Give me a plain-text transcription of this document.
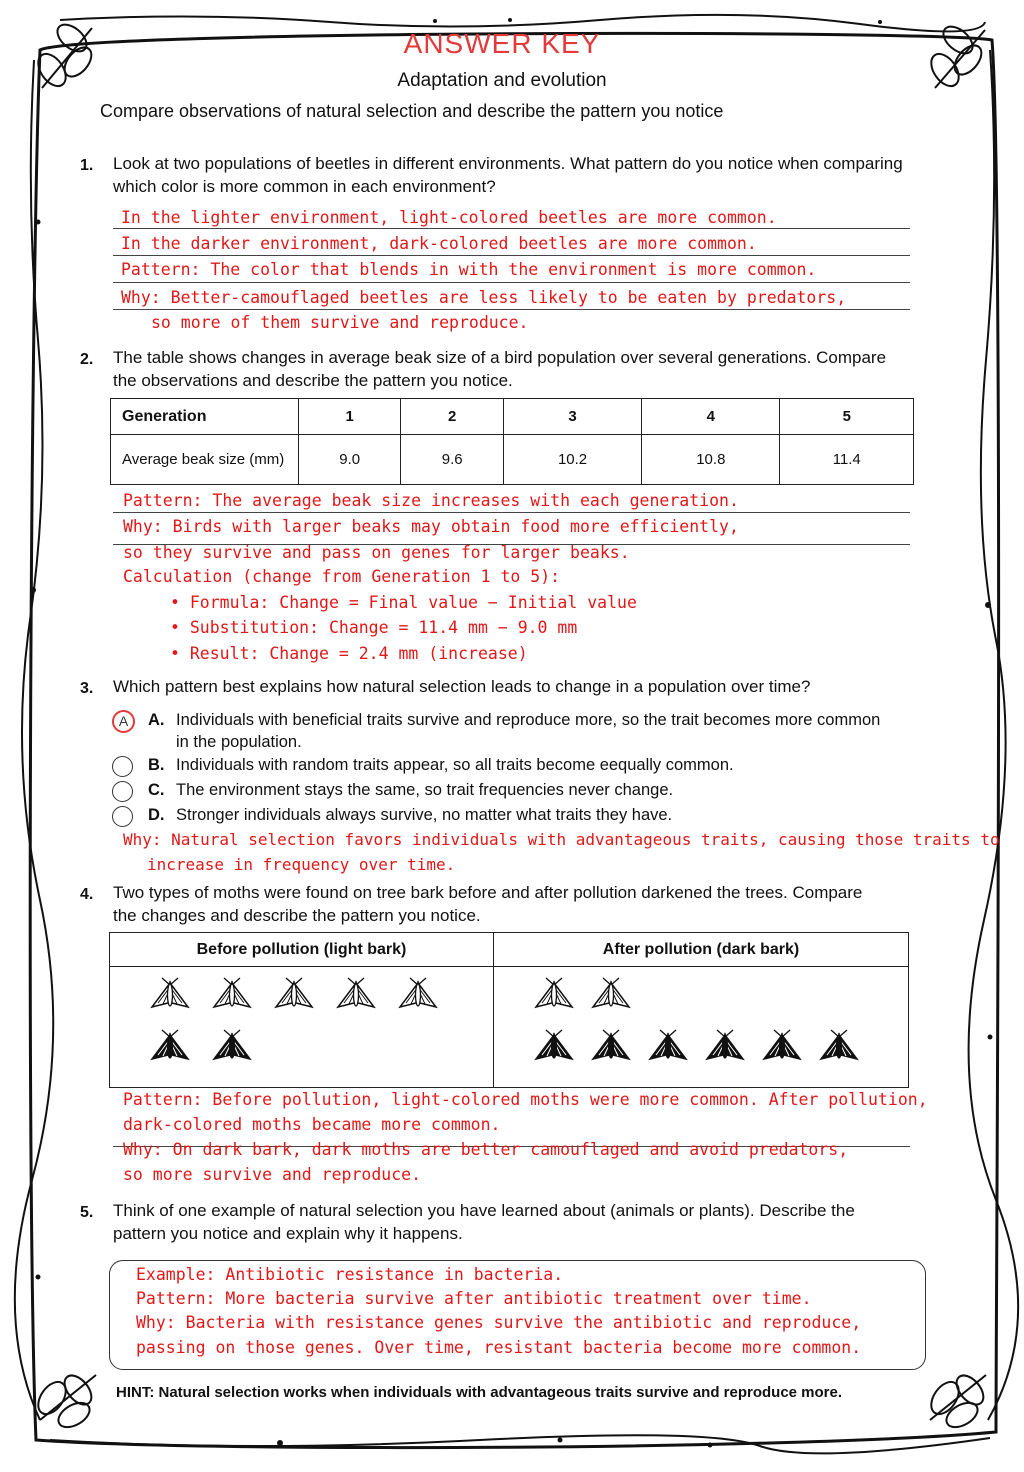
ANSWER KEY
Adaptation and evolution
Compare observations of natural selection and describe the pattern you notice
1. Look at two populations of beetles in different environments. What pattern do you notice when comparing which color is more common in each environment?
In the lighter environment, light-colored beetles are more common.
In the darker environment, dark-colored beetles are more common.
Pattern: The color that blends in with the environment is more common.
Why: Better-camouflaged beetles are less likely to be eaten by predators,
so more of them survive and reproduce.
2. The table shows changes in average beak size of a bird population over several generations. Compare the observations and describe the pattern you notice.
Generation	1	2	3	4	5
Average beak size (mm)	9.0	9.6	10.2	10.8	11.4
Pattern: The average beak size increases with each generation.
Why: Birds with larger beaks may obtain food more efficiently,
so they survive and pass on genes for larger beaks.
Calculation (change from Generation 1 to 5):
• Formula: Change = Final value − Initial value
• Substitution: Change = 11.4 mm − 9.0 mm
• Result: Change = 2.4 mm (increase)
3. Which pattern best explains how natural selection leads to change in a population over time?
A	A. Individuals with beneficial traits survive and reproduce more, so the trait becomes more common in the population.
B. Individuals with random traits appear, so all traits become eequally common.
C. The environment stays the same, so trait frequencies never change.
D. Stronger individuals always survive, no matter what traits they have.
Why: Natural selection favors individuals with advantageous traits, causing those traits to
increase in frequency over time.
4. Two types of moths were found on tree bark before and after pollution darkened the trees. Compare the changes and describe the pattern you notice.
Before pollution (light bark)	After pollution (dark bark)
Pattern: Before pollution, light-colored moths were more common. After pollution,
dark-colored moths became more common.
Why: On dark bark, dark moths are better camouflaged and avoid predators,
so more survive and reproduce.
5. Think of one example of natural selection you have learned about (animals or plants). Describe the pattern you notice and explain why it happens.
Example: Antibiotic resistance in bacteria.
Pattern: More bacteria survive after antibiotic treatment over time.
Why: Bacteria with resistance genes survive the antibiotic and reproduce,
passing on those genes. Over time, resistant bacteria become more common.
HINT: Natural selection works when individuals with advantageous traits survive and reproduce more.
